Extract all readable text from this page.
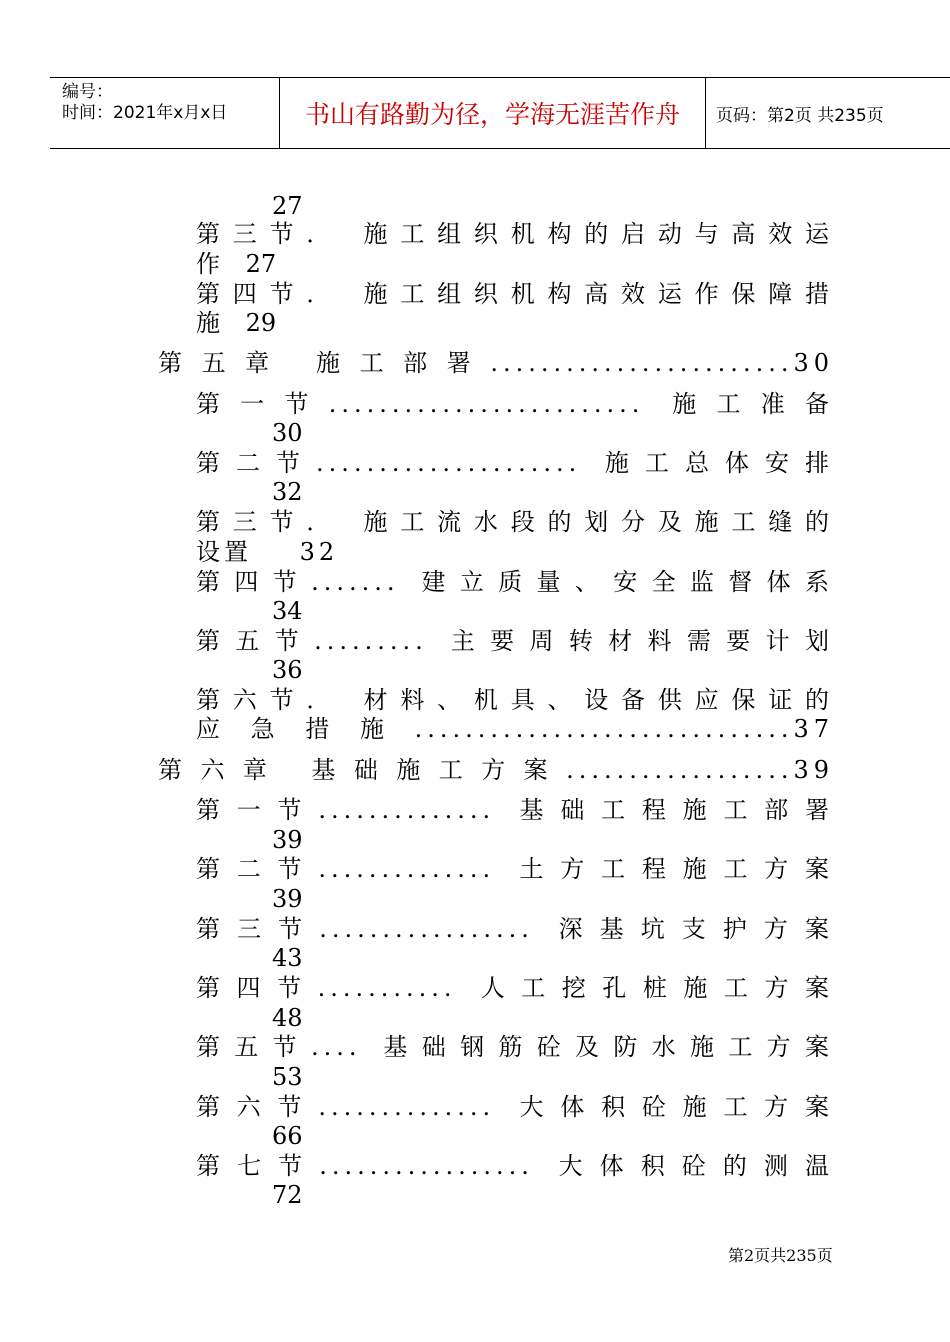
编号：
时间：2021年x月x日	书山有路勤为径，学海无涯苦作舟	页码：第2页 共235页
27
第三节． 施工组织机构的启动与高效运
作 27
第四节． 施工组织机构高效运作保障措
施 29
第五章 施工部署........................30
第一节......................... 施工准备
30
第二节..................... 施工总体安排
32
第三节． 施工流水段的划分及施工缝的
设置 32
第四节....... 建立质量、安全监督体系
34
第五节......... 主要周转材料需要计划
36
第六节． 材料、机具、设备供应保证的
应急措施..............................37
第六章 基础施工方案..................39
第一节.............. 基础工程施工部署
39
第二节.............. 土方工程施工方案
39
第三节................. 深基坑支护方案
43
第四节........... 人工挖孔桩施工方案
48
第五节.... 基础钢筋砼及防水施工方案
53
第六节.............. 大体积砼施工方案
66
第七节................. 大体积砼的测温
72
第2页共235页
